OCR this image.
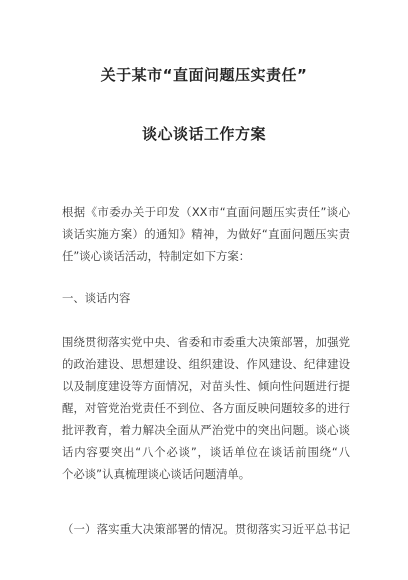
关于某市“直面问题压实责任”
谈心谈话工作方案
根据《市委办关于印发（XX市“直面问题压实责任”谈心
谈话实施方案）的通知》精神，为做好“直面问题压实责
任”谈心谈话活动，特制定如下方案：
一、谈话内容
围绕贯彻落实党中央、省委和市委重大决策部署，加强党
的政治建设、思想建设、组织建设、作风建设、纪律建设
以及制度建设等方面情况，对苗头性、倾向性问题进行提
醒，对管党治党责任不到位、各方面反映问题较多的进行
批评教育，着力解决全面从严治党中的突出问题。谈心谈
话内容要突出“八个必谈”，谈话单位在谈话前围绕“八
个必谈”认真梳理谈心谈话问题清单。
（一）落实重大决策部署的情况。贯彻落实习近平总书记
